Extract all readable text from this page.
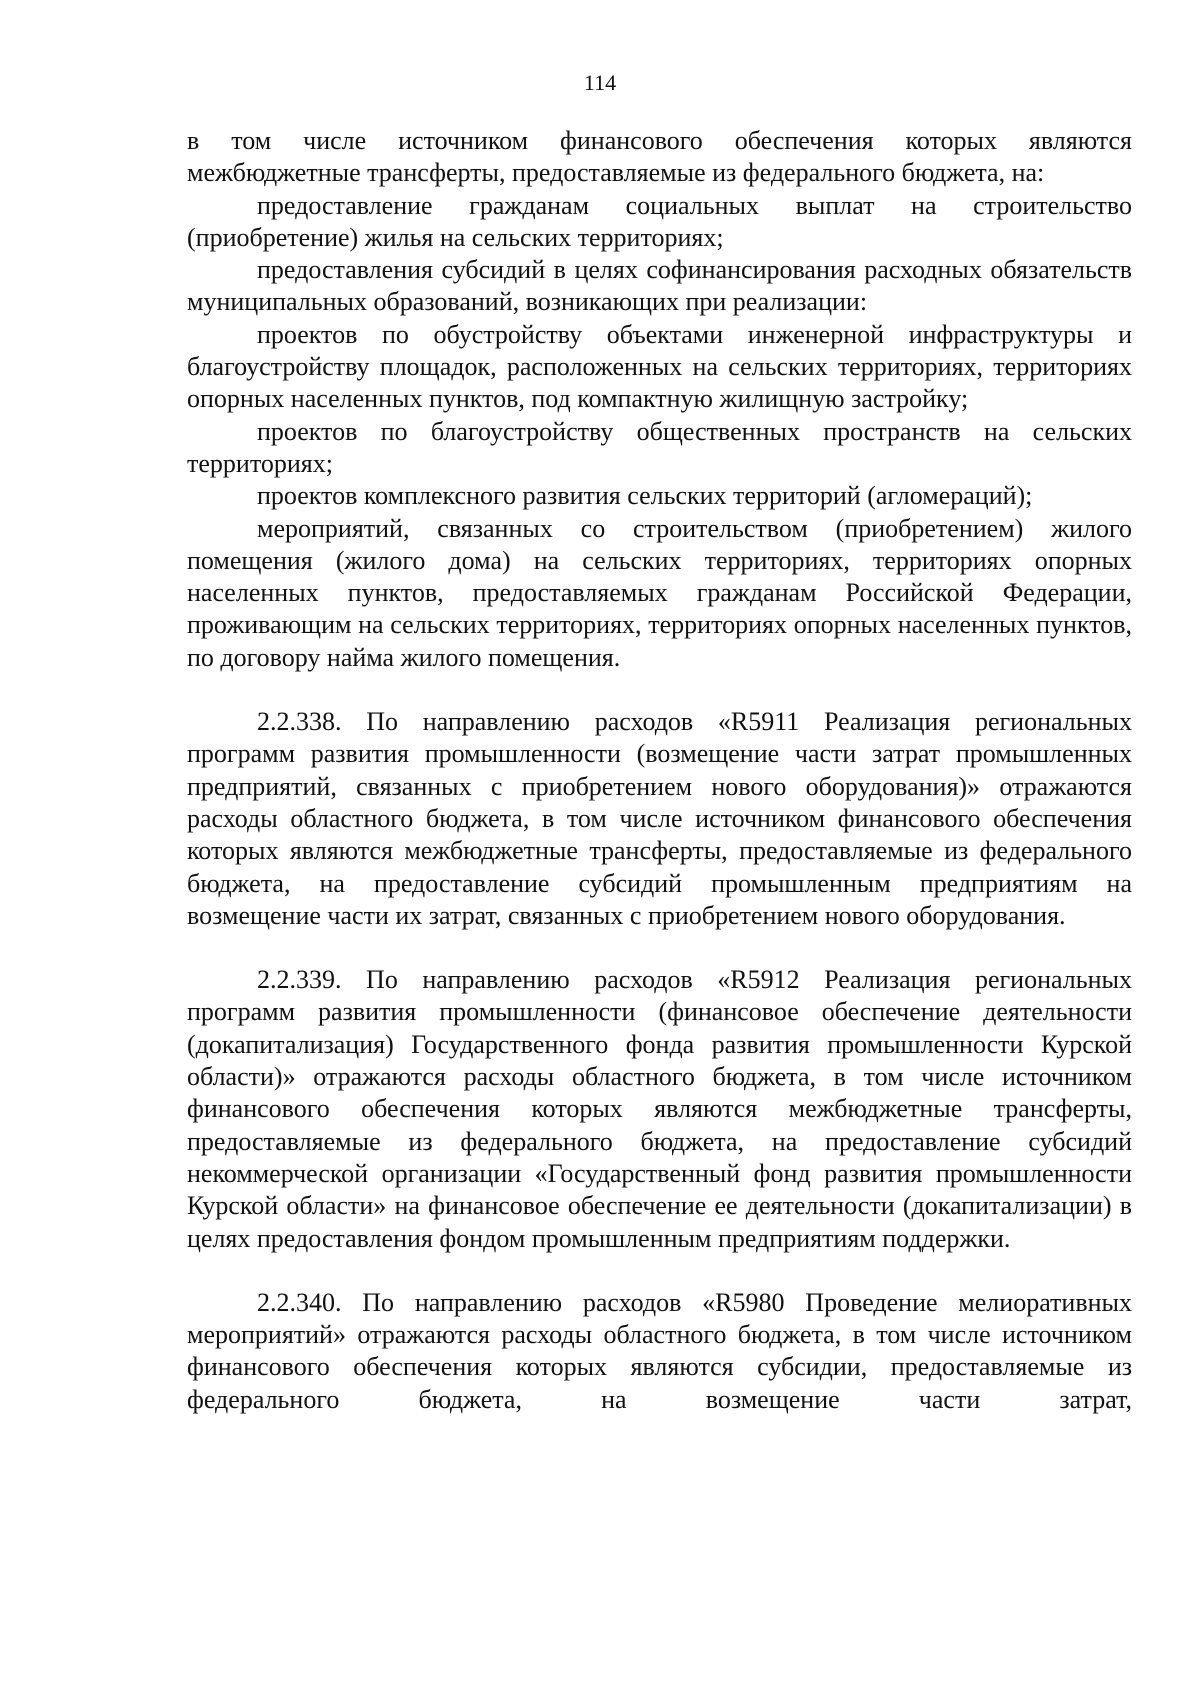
114

в том числе источником финансового обеспечения которых являются межбюджетные трансферты, предоставляемые из федерального бюджета, на:

предоставление гражданам социальных выплат на строительство (приобретение) жилья на сельских территориях;

предоставления субсидий в целях софинансирования расходных обязательств муниципальных образований, возникающих при реализации:

проектов по обустройству объектами инженерной инфраструктуры и благоустройству площадок, расположенных на сельских территориях, территориях опорных населенных пунктов, под компактную жилищную застройку;

проектов по благоустройству общественных пространств на сельских территориях;

проектов комплексного развития сельских территорий (агломераций);

мероприятий, связанных со строительством (приобретением) жилого помещения (жилого дома) на сельских территориях, территориях опорных населенных пунктов, предоставляемых гражданам Российской Федерации, проживающим на сельских территориях, территориях опорных населенных пунктов, по договору найма жилого помещения.

2.2.338. По направлению расходов «R5911 Реализация региональных программ развития промышленности (возмещение части затрат промышленных предприятий, связанных с приобретением нового оборудования)» отражаются расходы областного бюджета, в том числе источником финансового обеспечения которых являются межбюджетные трансферты, предоставляемые из федерального бюджета, на предоставление субсидий промышленным предприятиям на возмещение части их затрат, связанных с приобретением нового оборудования.

2.2.339. По направлению расходов «R5912 Реализация региональных программ развития промышленности (финансовое обеспечение деятельности (докапитализация) Государственного фонда развития промышленности Курской области)» отражаются расходы областного бюджета, в том числе источником финансового обеспечения которых являются межбюджетные трансферты, предоставляемые из федерального бюджета, на предоставление субсидий некоммерческой организации «Государственный фонд развития промышленности Курской области» на финансовое обеспечение ее деятельности (докапитализации) в целях предоставления фондом промышленным предприятиям поддержки.

2.2.340. По направлению расходов «R5980 Проведение мелиоративных мероприятий» отражаются расходы областного бюджета, в том числе источником финансового обеспечения которых являются субсидии, предоставляемые из федерального бюджета, на возмещение части затрат,
